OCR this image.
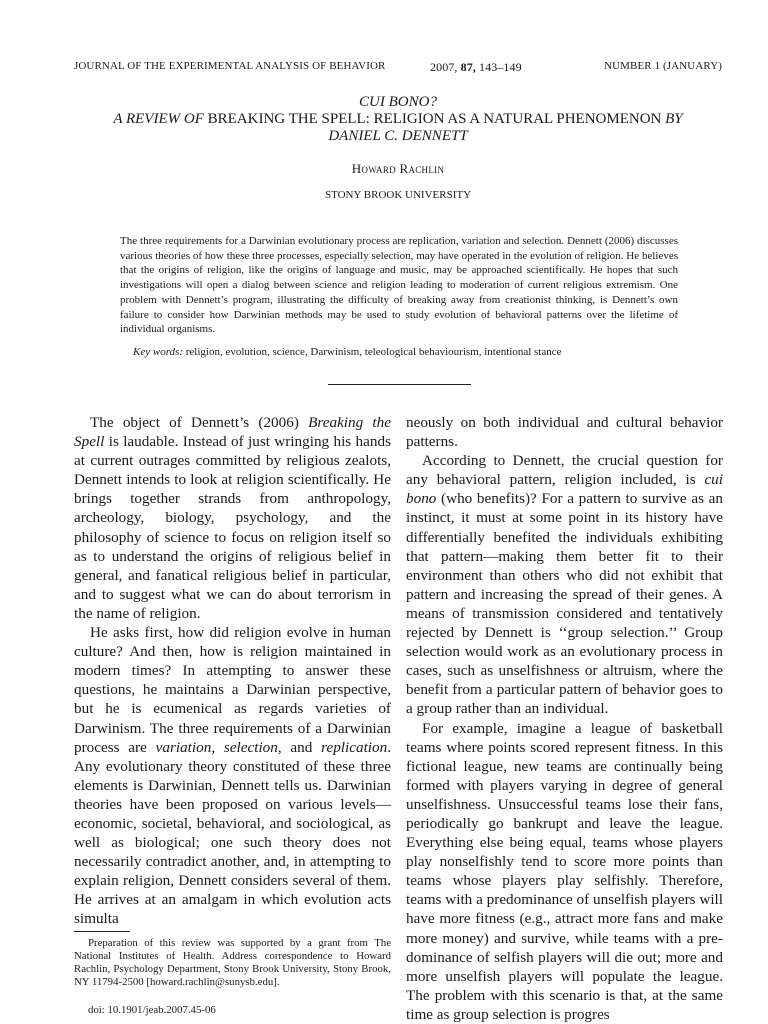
JOURNAL OF THE EXPERIMENTAL ANALYSIS OF BEHAVIOR	2007, 87, 143–149	NUMBER 1 (JANUARY)
CUI BONO?
A REVIEW OF BREAKING THE SPELL: RELIGION AS A NATURAL PHENOMENON BY
DANIEL C. DENNETT
Howard Rachlin
STONY BROOK UNIVERSITY
The three requirements for a Darwinian evolutionary process are replication, variation and selection. Dennett (2006) discusses various theories of how these three processes, especially selection, may have operated in the evolution of religion. He believes that the origins of religion, like the origins of language and music, may be approached scientifically. He hopes that such investigations will open a dialog between science and religion leading to moderation of current religious extremism. One problem with Dennett’s program, illustrating the difficulty of breaking away from creationist thinking, is Dennett’s own failure to consider how Darwinian methods may be used to study evolution of behavioral patterns over the lifetime of individual organisms.
Key words: religion, evolution, science, Darwinism, teleological behaviourism, intentional stance

The object of Dennett’s (2006) Breaking the Spell is laudable. Instead of just wringing his hands at current outrages committed by religious zealots, Dennett intends to look at religion scientifically. He brings together strands from anthropology, archeology, biology, psychology, and the philosophy of science to focus on religion itself so as to understand the origins of religious belief in general, and fanatical religious belief in particular, and to suggest what we can do about terrorism in the name of religion.

He asks first, how did religion evolve in human culture? And then, how is religion maintained in modern times? In attempting to answer these questions, he maintains a Darwinian perspective, but he is ecumenical as regards varieties of Darwinism. The three requirements of a Darwinian process are variation, selection, and replication. Any evolutionary theory constituted of these three elements is Darwinian, Dennett tells us. Darwinian theories have been proposed on various levels—economic, societal, behavioral, and sociological, as well as biological; one such theory does not necessarily contradict another, and, in attempting to explain religion, Dennett considers several of them. He arrives at an amalgam in which evolution acts simulta

neously on both individual and cultural behavior patterns.

According to Dennett, the crucial question for any behavioral pattern, religion included, is cui bono (who benefits)? For a pattern to survive as an instinct, it must at some point in its history have differentially benefited the individuals exhibiting that pattern—making them better fit to their environment than others who did not exhibit that pattern and increasing the spread of their genes. A means of transmission considered and tentatively rejected by Dennett is ‘‘group selection.’’ Group selection would work as an evolutionary process in cases, such as unselfishness or altruism, where the benefit from a particular pattern of behavior goes to a group rather than an individual.

For example, imagine a league of basketball teams where points scored represent fitness. In this fictional league, new teams are continually being formed with players varying in degree of general unselfishness. Unsuccessful teams lose their fans, periodically go bankrupt and leave the league. Everything else being equal, teams whose players play nonselfishly tend to score more points than teams whose players play selfishly. Therefore, teams with a predominance of unselfish players will have more fitness (e.g., attract more fans and make more money) and survive, while teams with a predominance of selfish players will die out; more and more unselfish players will populate the league. The problem with this scenario is that, at the same time as group selection is progres

Preparation of this review was supported by a grant from The National Institutes of Health. Address correspondence to Howard Rachlin, Psychology Department, Stony Brook University, Stony Brook, NY 11794-2500 [howard.rachlin@sunysb.edu].

doi: 10.1901/jeab.2007.45-06
